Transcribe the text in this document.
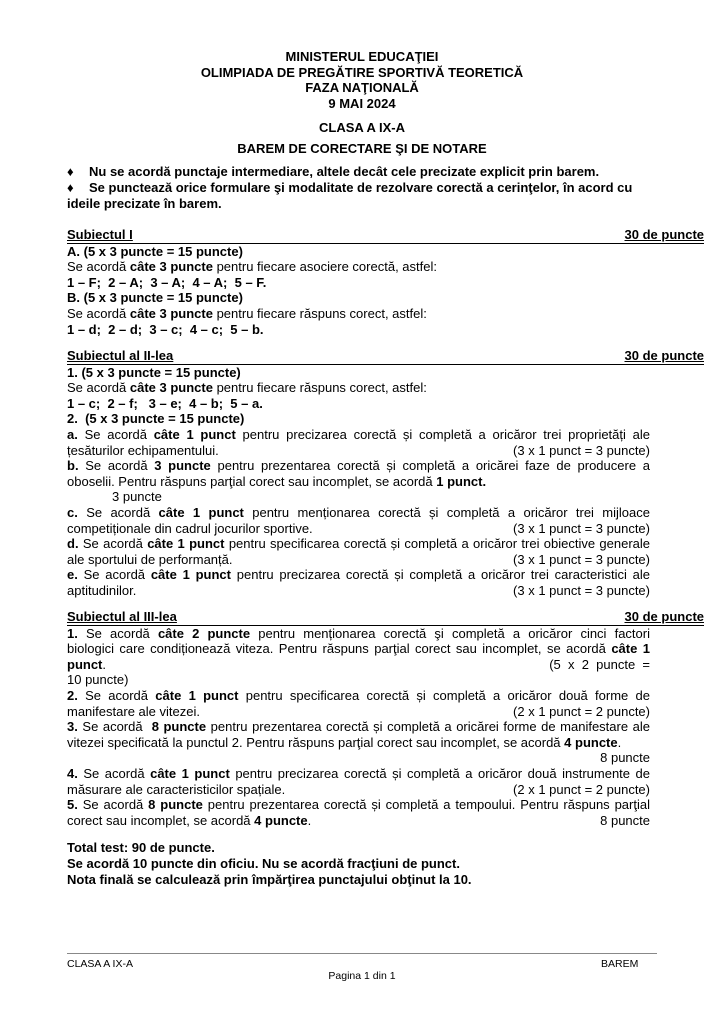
MINISTERUL EDUCAŢIEI
OLIMPIADA DE PREGĂTIRE SPORTIVĂ TEORETICĂ
FAZA NAŢIONALĂ
9 MAI 2024
CLASA A IX-A
BAREM DE CORECTARE ŞI DE NOTARE
♦ Nu se acordă punctaje intermediare, altele decât cele precizate explicit prin barem.
♦ Se punctează orice formulare şi modalitate de rezolvare corectă a cerinţelor, în acord cu
ideile precizate în barem.
Subiectul I	30 de puncte
A. (5 x 3 puncte = 15 puncte)
Se acordă câte 3 puncte pentru fiecare asociere corectă, astfel:
1 – F;  2 – A;  3 – A;  4 – A;  5 – F.
B. (5 x 3 puncte = 15 puncte)
Se acordă câte 3 puncte pentru fiecare răspuns corect, astfel:
1 – d;  2 – d;  3 – c;  4 – c;  5 – b.
Subiectul al II-lea	30 de puncte
1. (5 x 3 puncte = 15 puncte)
Se acordă câte 3 puncte pentru fiecare răspuns corect, astfel:
1 – c;  2 – f;   3 – e;  4 – b;  5 – a.
2.  (5 x 3 puncte = 15 puncte)
a. Se acordă câte 1 punct pentru precizarea corectă și completă a oricăror trei proprietăți ale
țesăturilor echipamentului.	(3 x 1 punct = 3 puncte)
b. Se acordă 3 puncte pentru prezentarea corectă și completă a oricărei faze de producere a
oboselii. Pentru răspuns parţial corect sau incomplet, se acordă 1 punct.
3 puncte
c. Se acordă câte 1 punct pentru menționarea corectă și completă a oricăror trei mijloace
competiționale din cadrul jocurilor sportive.	(3 x 1 punct = 3 puncte)
d. Se acordă câte 1 punct pentru specificarea corectă și completă a oricăror trei obiective generale
ale sportului de performanță.	(3 x 1 punct = 3 puncte)
e. Se acordă câte 1 punct pentru precizarea corectă și completă a oricăror trei caracteristici ale
aptitudinilor.	(3 x 1 punct = 3 puncte)
Subiectul al III-lea	30 de puncte
1. Se acordă câte 2 puncte pentru menționarea corectă şi completă a oricăror cinci factori
biologici care condiționează viteza. Pentru răspuns parţial corect sau incomplet, se acordă câte 1
punct.	(5  x  2  puncte  =
10 puncte)
2. Se acordă câte 1 punct pentru specificarea corectă și completă a oricăror două forme de
manifestare ale vitezei.	(2 x 1 punct = 2 puncte)
3. Se acordă  8 puncte pentru prezentarea corectă și completă a oricărei forme de manifestare ale
vitezei specificată la punctul 2. Pentru răspuns parţial corect sau incomplet, se acordă 4 puncte.
8 puncte
4. Se acordă câte 1 punct pentru precizarea corectă și completă a oricăror două instrumente de
măsurare ale caracteristicilor spațiale.	(2 x 1 punct = 2 puncte)
5. Se acordă 8 puncte pentru prezentarea corectă și completă a tempoului. Pentru răspuns parţial
corect sau incomplet, se acordă 4 puncte.	8 puncte
Total test: 90 de puncte.
Se acordă 10 puncte din oficiu. Nu se acordă fracţiuni de punct.
Nota finală se calculează prin împărţirea punctajului obţinut la 10.
CLASA A IX-A	BAREM
Pagina 1 din 1
